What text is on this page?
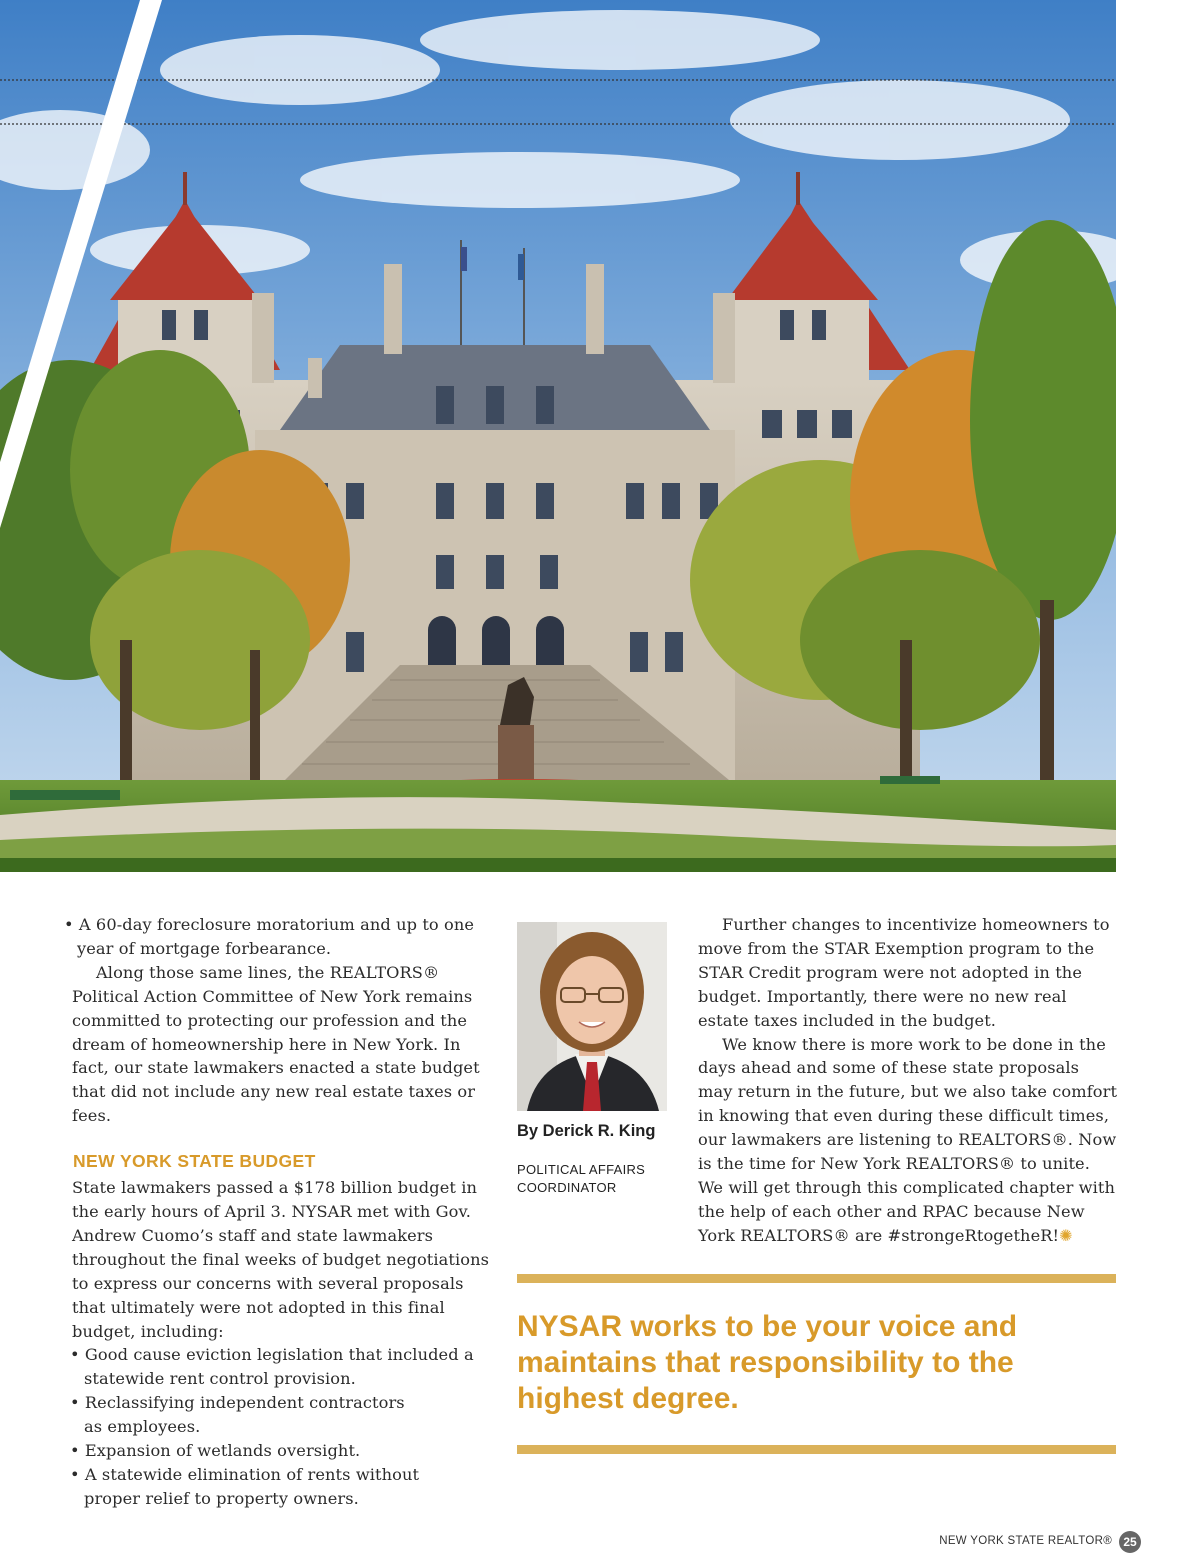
• A 60-day foreclosure moratorium and up to one
year of mortgage forbearance.

Along those same lines, the REALTORS® Political Action Committee of New York remains committed to protecting our profession and the dream of homeownership here in New York. In fact, our state lawmakers enacted a state budget that did not include any new real estate taxes or fees.

NEW YORK STATE BUDGET

State lawmakers passed a $178 billion budget in the early hours of April 3. NYSAR met with Gov. Andrew Cuomo’s staff and state lawmakers throughout the final weeks of budget negotiations to express our concerns with several proposals that ultimately were not adopted in this final budget, including:

• Good cause eviction legislation that included a
statewide rent control provision.

• Reclassifying independent contractors
as employees.

• Expansion of wetlands oversight.

• A statewide elimination of rents without
proper relief to property owners.

By Derick R. King
POLITICAL AFFAIRS COORDINATOR

Further changes to incentivize homeowners to move from the STAR Exemption program to the STAR Credit program were not adopted in the budget. Importantly, there were no new real estate taxes included in the budget.

We know there is more work to be done in the days ahead and some of these state proposals may return in the future, but we also take comfort in knowing that even during these difficult times, our lawmakers are listening to REALTORS®. Now is the time for New York REALTORS® to unite. We will get through this complicated chapter with the help of each other and RPAC because New York REALTORS® are #strongeRtogetheR!✺

NYSAR works to be your voice and maintains that responsibility to the highest degree.
NEW YORK STATE REALTOR® 25
